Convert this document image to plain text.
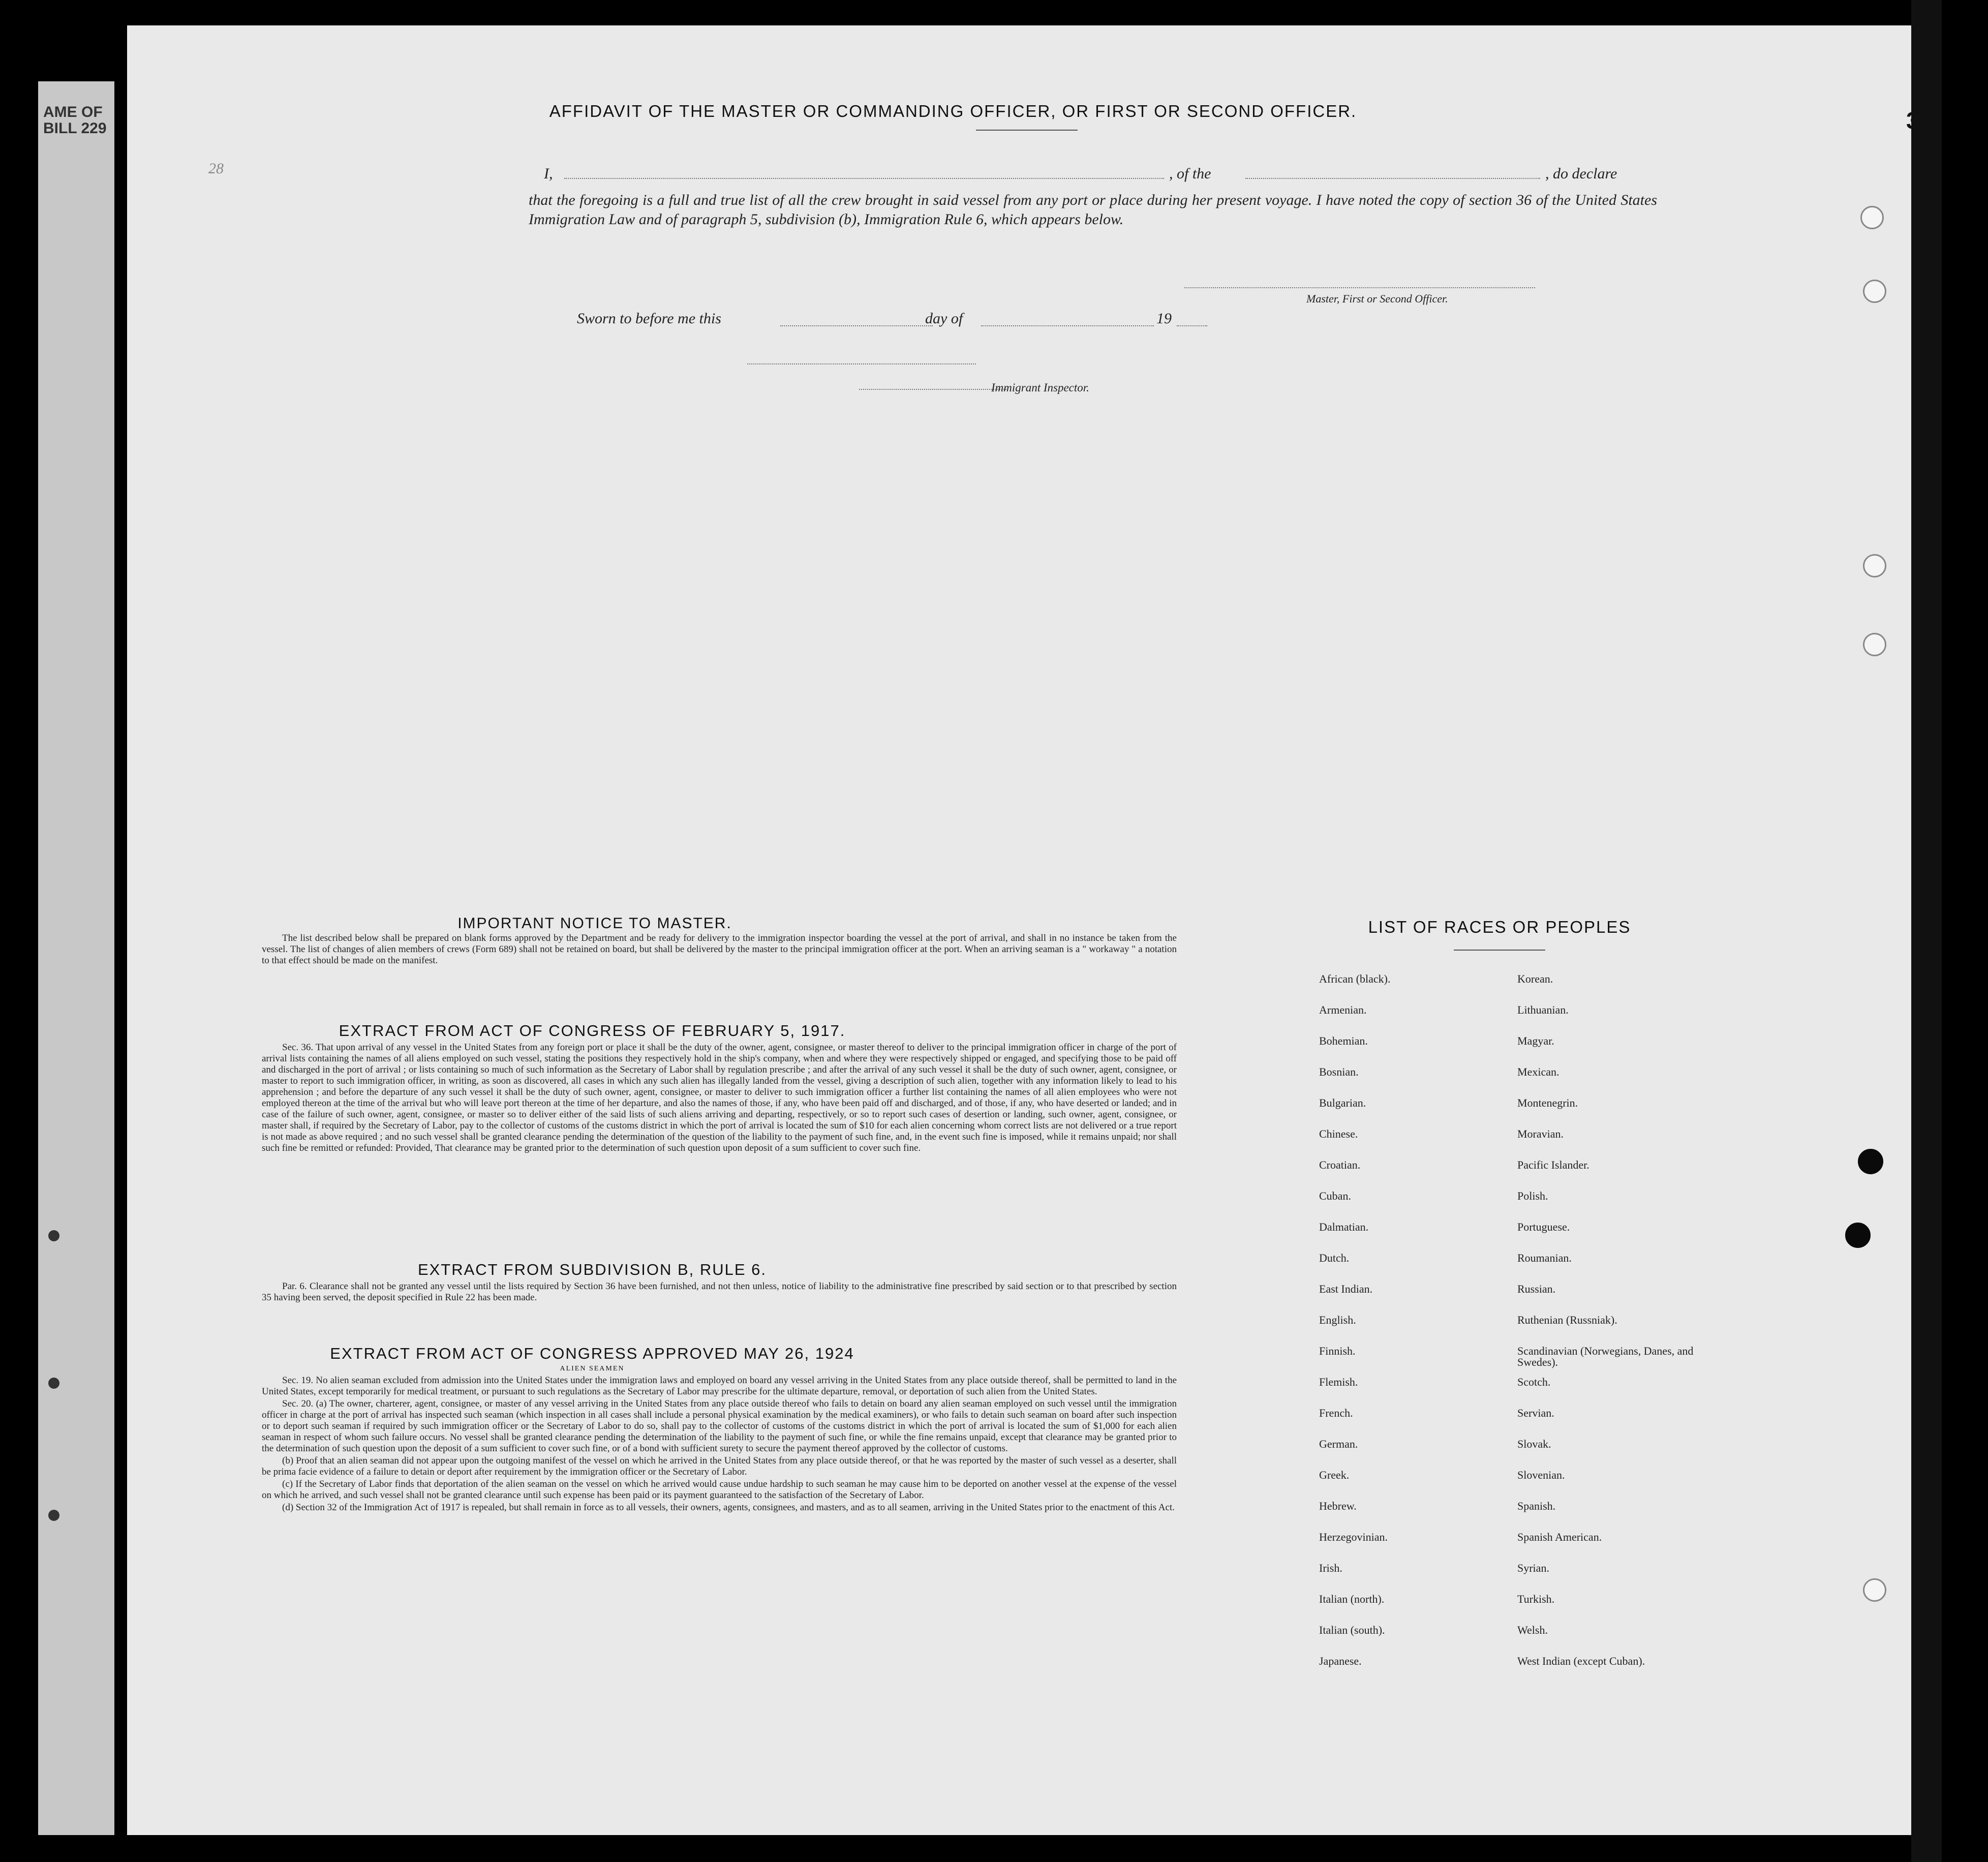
AME OF
BILL 229
28
AFFIDAVIT OF THE MASTER OR COMMANDING OFFICER, OR FIRST OR SECOND OFFICER.
I,	, of the	, do declare
that the foregoing is a full and true list of all the crew brought in said vessel from any port or place during her present voyage. I have noted the copy of section 36 of the United States Immigration Law and of paragraph 5, subdivision (b), Immigration Rule 6, which appears below.
Master, First or Second Officer.
Sworn to before me this	day of	19
Immigrant Inspector.
IMPORTANT NOTICE TO MASTER.

The list described below shall be prepared on blank forms approved by the Department and be ready for delivery to the immigration inspector boarding the vessel at the port of arrival, and shall in no instance be taken from the vessel. The list of changes of alien members of crews (Form 689) shall not be retained on board, but shall be delivered by the master to the principal immigration officer at the port. When an arriving seaman is a " workaway " a notation to that effect should be made on the manifest.

EXTRACT FROM ACT OF CONGRESS OF FEBRUARY 5, 1917.

Sec. 36. That upon arrival of any vessel in the United States from any foreign port or place it shall be the duty of the owner, agent, consignee, or master thereof to deliver to the principal immigration officer in charge of the port of arrival lists containing the names of all aliens employed on such vessel, stating the positions they respectively hold in the ship's company, when and where they were respectively shipped or engaged, and specifying those to be paid off and discharged in the port of arrival ; or lists containing so much of such information as the Secretary of Labor shall by regulation prescribe ; and after the arrival of any such vessel it shall be the duty of such owner, agent, consignee, or master to report to such immigration officer, in writing, as soon as discovered, all cases in which any such alien has illegally landed from the vessel, giving a description of such alien, together with any information likely to lead to his apprehension ; and before the departure of any such vessel it shall be the duty of such owner, agent, consignee, or master to deliver to such immigration officer a further list containing the names of all alien employees who were not employed thereon at the time of the arrival but who will leave port thereon at the time of her departure, and also the names of those, if any, who have been paid off and discharged, and of those, if any, who have deserted or landed; and in case of the failure of such owner, agent, consignee, or master so to deliver either of the said lists of such aliens arriving and departing, respectively, or so to report such cases of desertion or landing, such owner, agent, consignee, or master shall, if required by the Secretary of Labor, pay to the collector of customs of the customs district in which the port of arrival is located the sum of $10 for each alien concerning whom correct lists are not delivered or a true report is not made as above required ; and no such vessel shall be granted clearance pending the determination of the question of the liability to the payment of such fine, and, in the event such fine is imposed, while it remains unpaid; nor shall such fine be remitted or refunded: Provided, That clearance may be granted prior to the determination of such question upon deposit of a sum sufficient to cover such fine.

EXTRACT FROM SUBDIVISION B, RULE 6.

Par. 6. Clearance shall not be granted any vessel until the lists required by Section 36 have been furnished, and not then unless, notice of liability to the administrative fine prescribed by said section or to that prescribed by section 35 having been served, the deposit specified in Rule 22 has been made.

EXTRACT FROM ACT OF CONGRESS APPROVED MAY 26, 1924
ALIEN SEAMEN

Sec. 19. No alien seaman excluded from admission into the United States under the immigration laws and employed on board any vessel arriving in the United States from any place outside thereof, shall be permitted to land in the United States, except temporarily for medical treatment, or pursuant to such regulations as the Secretary of Labor may prescribe for the ultimate departure, removal, or deportation of such alien from the United States.

Sec. 20. (a) The owner, charterer, agent, consignee, or master of any vessel arriving in the United States from any place outside thereof who fails to detain on board any alien seaman employed on such vessel until the immigration officer in charge at the port of arrival has inspected such seaman (which inspection in all cases shall include a personal physical examination by the medical examiners), or who fails to detain such seaman on board after such inspection or to deport such seaman if required by such immigration officer or the Secretary of Labor to do so, shall pay to the collector of customs of the customs district in which the port of arrival is located the sum of $1,000 for each alien seaman in respect of whom such failure occurs. No vessel shall be granted clearance pending the determination of the liability to the payment of such fine, or while the fine remains unpaid, except that clearance may be granted prior to the determination of such question upon the deposit of a sum sufficient to cover such fine, or of a bond with sufficient surety to secure the payment thereof approved by the collector of customs.

(b) Proof that an alien seaman did not appear upon the outgoing manifest of the vessel on which he arrived in the United States from any place outside thereof, or that he was reported by the master of such vessel as a deserter, shall be prima facie evidence of a failure to detain or deport after requirement by the immigration officer or the Secretary of Labor.

(c) If the Secretary of Labor finds that deportation of the alien seaman on the vessel on which he arrived would cause undue hardship to such seaman he may cause him to be deported on another vessel at the expense of the vessel on which he arrived, and such vessel shall not be granted clearance until such expense has been paid or its payment guaranteed to the satisfaction of the Secretary of Labor.

(d) Section 32 of the Immigration Act of 1917 is repealed, but shall remain in force as to all vessels, their owners, agents, consignees, and masters, and as to all seamen, arriving in the United States prior to the enactment of this Act.

LIST OF RACES OR PEOPLES
African (black).
Armenian.
Bohemian.
Bosnian.
Bulgarian.
Chinese.
Croatian.
Cuban.
Dalmatian.
Dutch.
East Indian.
English.
Finnish.
Flemish.
French.
German.
Greek.
Hebrew.
Herzegovinian.
Irish.
Italian (north).
Italian (south).
Japanese.
Korean.
Lithuanian.
Magyar.
Mexican.
Montenegrin.
Moravian.
Pacific Islander.
Polish.
Portuguese.
Roumanian.
Russian.
Ruthenian (Russniak).
Scandinavian (Norwegians, Danes, and Swedes).
Scotch.
Servian.
Slovak.
Slovenian.
Spanish.
Spanish American.
Syrian.
Turkish.
Welsh.
West Indian (except Cuban).
31
